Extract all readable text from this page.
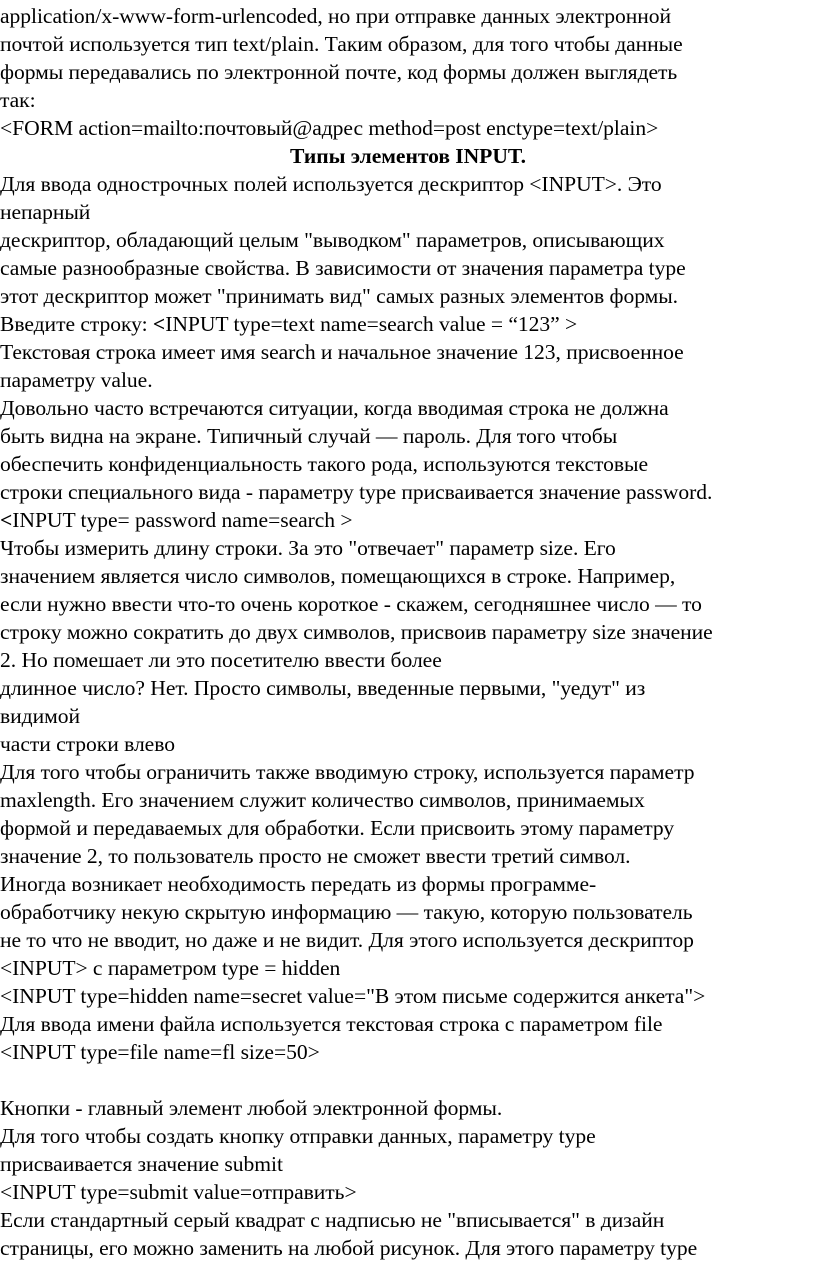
application/x-www-form-urlencoded, но при отправке данных электронной

почтой используется тип text/plain. Таким образом, для того чтобы данные

формы передавались по электронной почте, код формы должен выглядеть

так:

<FORM action=mailto:почтовый@адрес method=post enctype=text/plain>

Типы элементов INPUT.

Для ввода однострочных полей используется дескриптор <INPUT>. Это

непарный

дескриптор, обладающий целым "выводком" параметров, описывающих

самые разнообразные свойства. В зависимости от значения параметра type

этот дескриптор может "принимать вид" самых разных элементов формы.

Введите строку: <INPUT type=text name=search value = “123” >

Текстовая строка имеет имя search и начальное значение 123, присвоенное

параметру value.

Довольно часто встречаются ситуации, когда вводимая строка не должна

быть видна на экране. Типичный случай — пароль. Для того чтобы

обеспечить конфиденциальность такого рода, используются текстовые

строки специального вида - параметру type присваивается значение password.

<INPUT type= password name=search >

Чтобы измерить длину строки. За это "отвечает" параметр size. Его

значением является число символов, помещающихся в строке. Например,

если нужно ввести что-то очень короткое - скажем, сегодняшнее число — то

строку можно сократить до двух символов, присвоив параметру size значение

2. Но помешает ли это посетителю ввести более

длинное число? Нет. Просто символы, введенные первыми, "уедут" из

видимой

части строки влево

Для того чтобы ограничить также вводимую строку, используется параметр

maxlength. Его значением служит количество символов, принимаемых

формой и передаваемых для обработки. Если присвоить этому параметру

значение 2, то пользователь просто не сможет ввести третий символ.

Иногда возникает необходимость передать из формы программе-

обработчику некую скрытую информацию — такую, которую пользователь

не то что не вводит, но даже и не видит. Для этого используется дескриптор

<INPUT> с параметром type = hidden

<INPUT type=hidden name=secret value="В этом письме содержится анкета">

Для ввода имени файла используется текстовая строка с параметром file

<INPUT type=file name=fl size=50>

Кнопки - главный элемент любой электронной формы.

Для того чтобы создать кнопку отправки данных, параметру type

присваивается значение submit

<INPUT type=submit value=отправить>

Если стандартный серый квадрат с надписью не "вписывается" в дизайн

страницы, его можно заменить на любой рисунок. Для этого параметру type
